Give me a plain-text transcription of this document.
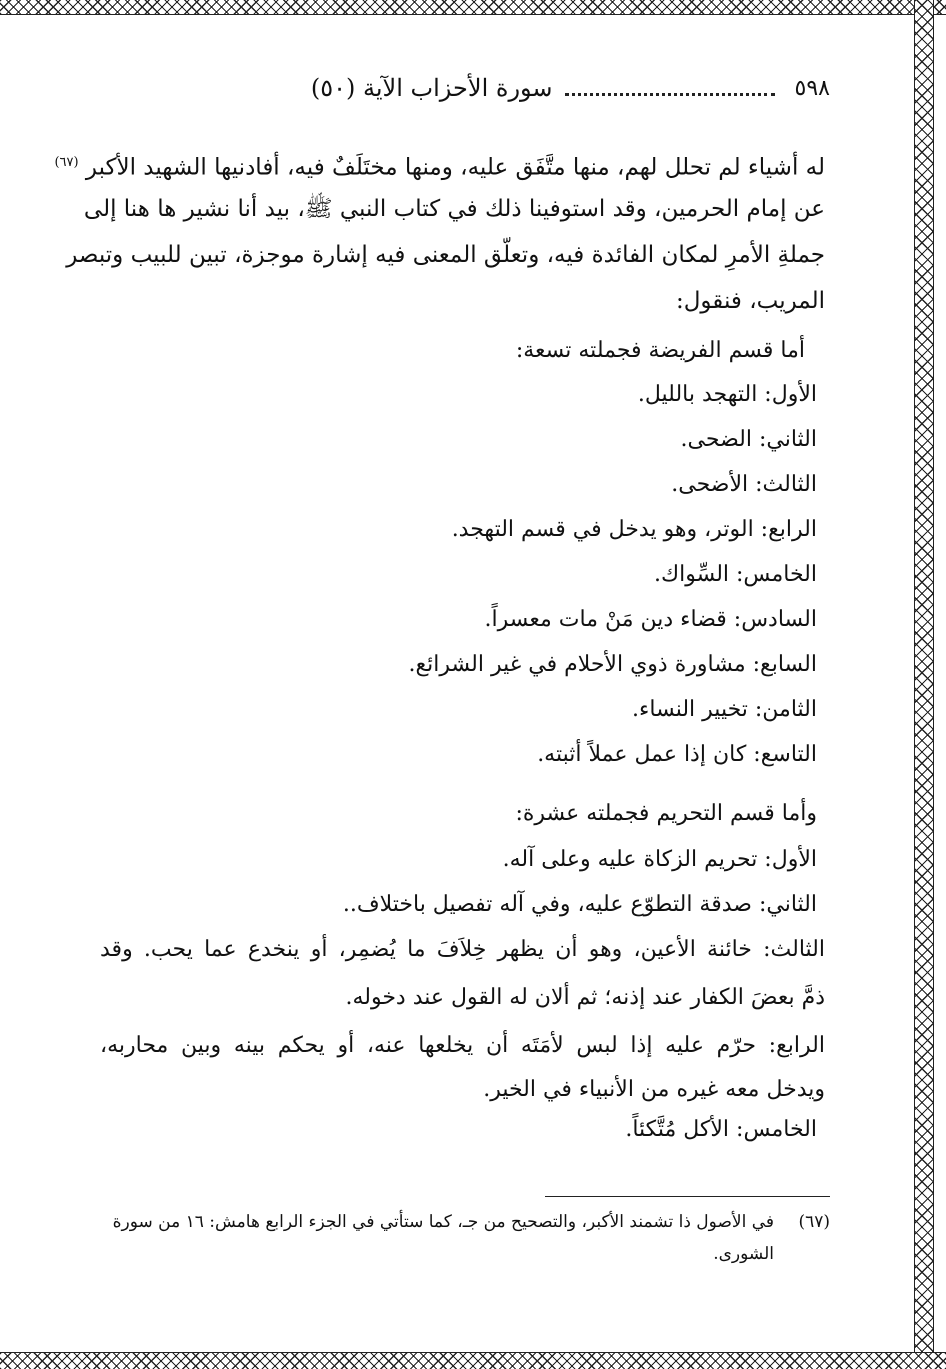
٥٩٨
سورة الأحزاب الآية (٥٠)
له أشياء لم تحلل لهم، منها متَّفَق عليه، ومنها مختَلَفٌ فيه، أفادنيها الشهيد الأكبر $^{(٦٧)}$
عن إمام الحرمين، وقد استوفينا ذلك في كتاب النبي ﷺ، بيد أنا نشير ها هنا إلى
جملةِ الأمرِ لمكان الفائدة فيه، وتعلّق المعنى فيه إشارة موجزة، تبين للبيب وتبصر
المريب، فنقول:
أما قسم الفريضة فجملته تسعة:
الأول: التهجد بالليل.
الثاني: الضحى.
الثالث: الأضحى.
الرابع: الوتر، وهو يدخل في قسم التهجد.
الخامس: السِّواك.
السادس: قضاء دين مَنْ مات معسراً.
السابع: مشاورة ذوي الأحلام في غير الشرائع.
الثامن: تخيير النساء.
التاسع: كان إذا عمل عملاً أثبته.
وأما قسم التحريم فجملته عشرة:
الأول: تحريم الزكاة عليه وعلى آله.
الثاني: صدقة التطوّع عليه، وفي آله تفصيل باختلاف..
الثالث: خائنة الأعين، وهو أن يظهر خِلاَفَ ما يُضمِر، أو ينخدع عما يحب. وقد
ذمَّ بعضَ الكفار عند إذنه؛ ثم ألان له القول عند دخوله.
الرابع: حرّم عليه إذا لبس لأمَتَه أن يخلعها عنه، أو يحكم بينه وبين محاربه،
ويدخل معه غيره من الأنبياء في الخير.
الخامس: الأكل مُتَّكئاً.
(٦٧)في الأصول ذا تشمند الأكبر، والتصحيح من جـ، كما ستأتي في الجزء الرابع هامش: ١٦ من سورة
الشورى.
